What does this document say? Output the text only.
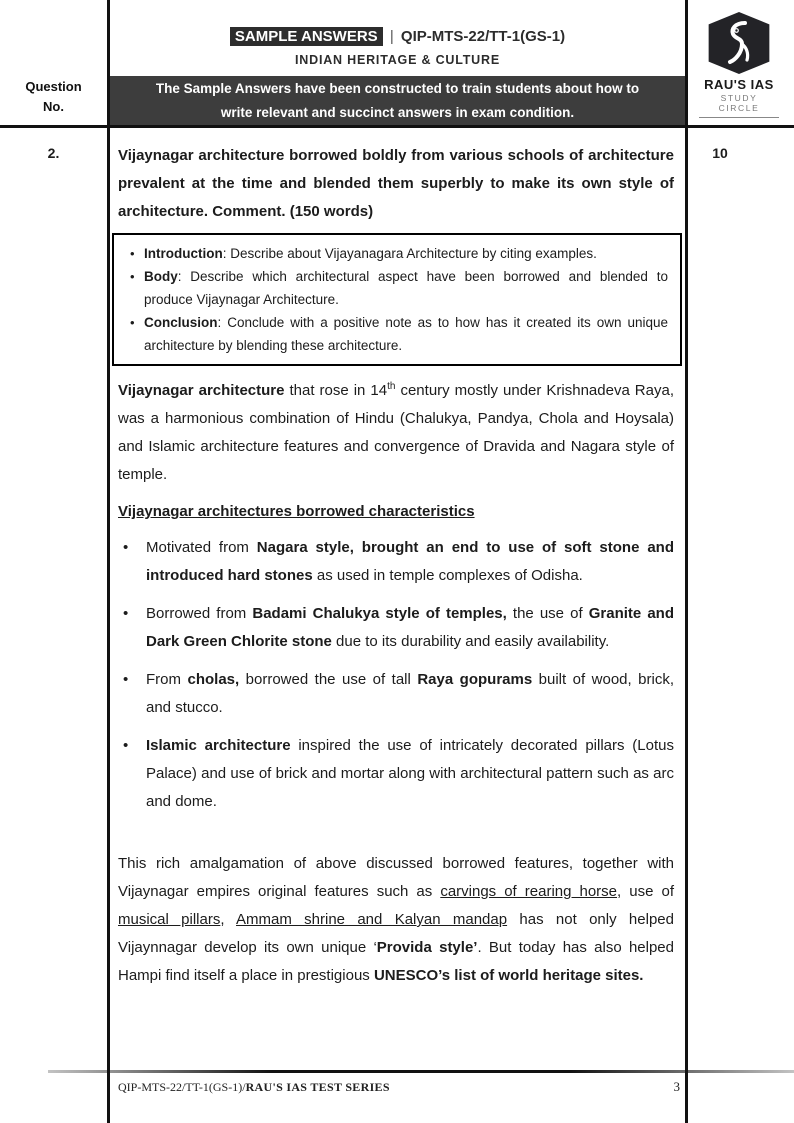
Question
No.
2.
RAU'S IAS
STUDY CIRCLE
10
SAMPLE ANSWERS | QIP-MTS-22/TT-1(GS-1)
INDIAN HERITAGE & CULTURE
The Sample Answers have been constructed to train students about how to
write relevant and succinct answers in exam condition.
Vijaynagar architecture borrowed boldly from various schools of architecture prevalent at the time and blended them superbly to make its own style of architecture. Comment. (150 words)
• Introduction: Describe about Vijayanagara Architecture by citing examples.
• Body: Describe which architectural aspect have been borrowed and blended to produce Vijaynagar Architecture.
• Conclusion: Conclude with a positive note as to how has it created its own unique architecture by blending these architecture.
Vijaynagar architecture that rose in 14th century mostly under Krishnadeva Raya, was a harmonious combination of Hindu (Chalukya, Pandya, Chola and Hoysala) and Islamic architecture features and convergence of Dravida and Nagara style of temple.
Vijaynagar architectures borrowed characteristics
• Motivated from Nagara style, brought an end to use of soft stone and introduced hard stones as used in temple complexes of Odisha.
• Borrowed from Badami Chalukya style of temples, the use of Granite and Dark Green Chlorite stone due to its durability and easily availability.
• From cholas, borrowed the use of tall Raya gopurams built of wood, brick, and stucco.
• Islamic architecture inspired the use of intricately decorated pillars (Lotus Palace) and use of brick and mortar along with architectural pattern such as arc and dome.
This rich amalgamation of above discussed borrowed features, together with Vijaynagar empires original features such as carvings of rearing horse, use of musical pillars, Ammam shrine and Kalyan mandap has not only helped Vijaynnagar develop its own unique ‘Provida style’. But today has also helped Hampi find itself a place in prestigious UNESCO’s list of world heritage sites.
QIP-MTS-22/TT-1(GS-1)/RAU'S IAS TEST SERIES	3
